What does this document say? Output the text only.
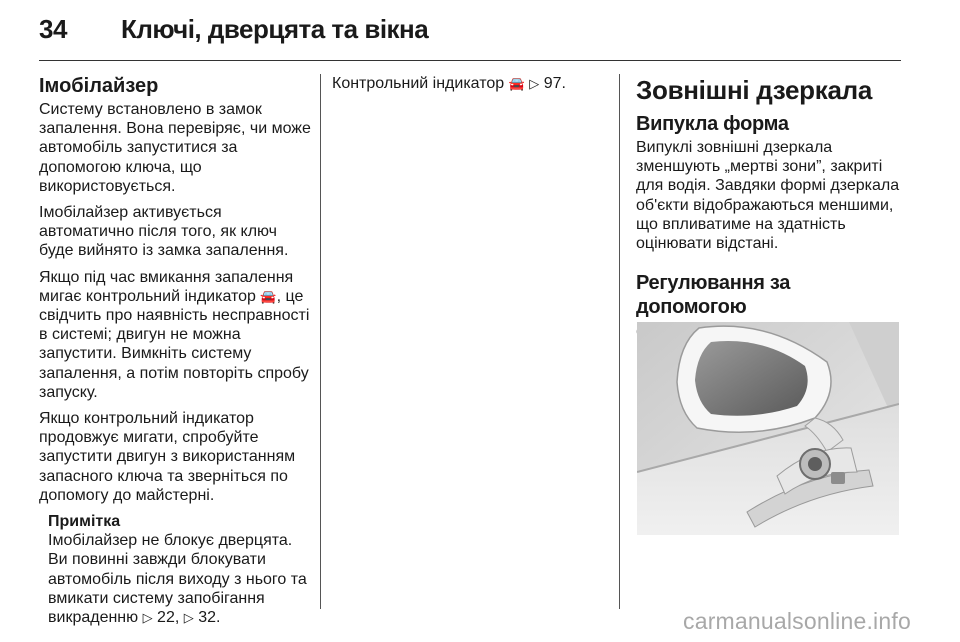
34 Ключі, дверцята та вікна
Імобілайзер

Систему встановлено в замок запалення. Вона перевіряє, чи може автомобіль запуститися за допомогою ключа, що використовується.

Імобілайзер активується автоматично після того, як ключ буде вийнято із замка запалення.

Якщо під час вмикання запалення мигає контрольний індикатор 🚘, це свідчить про наявність несправності в системі; двигун не можна запустити. Вимкніть систему запалення, а потім повторіть спробу запуску.

Якщо контрольний індикатор продовжує мигати, спробуйте запустити двигун з використанням запасного ключа та зверніться по допомогу до майстерні.

Примітка

Імобілайзер не блокує дверцята. Ви повинні завжди блокувати автомобіль після виходу з нього та вмикати систему запобігання викраденню ▷ 22, ▷ 32.

Контрольний індикатор 🚘 ▷ 97.	Зовнішні дзеркала
Випукла форма

Випуклі зовнішні дзеркала зменшують „мертві зони”, закриті для водія. Завдяки формі дзеркала об'єкти відображаються меншими, що впливатиме на здатність оцінювати відстані.

Регулювання за допомогою
carmanualsonline.info
